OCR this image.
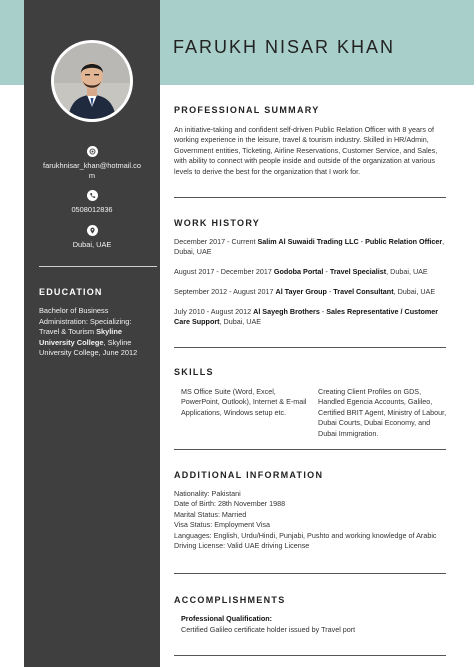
farukhnisar_khan@hotmail.com
0508012836
Dubai, UAE
EDUCATION
Bachelor of Business Administration: Specializing: Travel & Tourism Skyline University College, Skyline University College, June 2012
FARUKH NISAR KHAN
PROFESSIONAL SUMMARY
An initiative-taking and confident self-driven Public Relation Officer with 8 years of working experience in the leisure, travel & tourism industry. Skilled in HR/Admin, Government entities, Ticketing, Airline Reservations, Customer Service, and Sales, with ability to connect with people inside and outside of the organization at various levels to derive the best for the organization that I work for.
WORK HISTORY
December 2017 - Current Salim Al Suwaidi Trading LLC - Public Relation Officer, Dubai, UAE
August 2017 - December 2017 Godoba Portal - Travel Specialist, Dubai, UAE
September 2012 - August 2017 Al Tayer Group - Travel Consultant, Dubai, UAE
July 2010 - August 2012 Al Sayegh Brothers - Sales Representative / Customer Care Support, Dubai, UAE
SKILLS
MS Office Suite (Word, Excel, PowerPoint, Outlook), Internet & E-mail Applications, Windows setup etc.
Creating Client Profiles on GDS, Handled Egencia Accounts, Galileo, Certified BRIT Agent, Ministry of Labour, Dubai Courts, Dubai Economy, and Dubai Immigration.
ADDITIONAL INFORMATION
Nationality: Pakistani
Date of Birth: 28th November 1988
Marital Status: Married
Visa Status: Employment Visa
Languages: English, Urdu/Hindi, Punjabi, Pushto and working knowledge of Arabic
Driving License: Valid UAE driving License
ACCOMPLISHMENTS
Professional Qualification:
Certified Galileo certificate holder issued by Travel port
